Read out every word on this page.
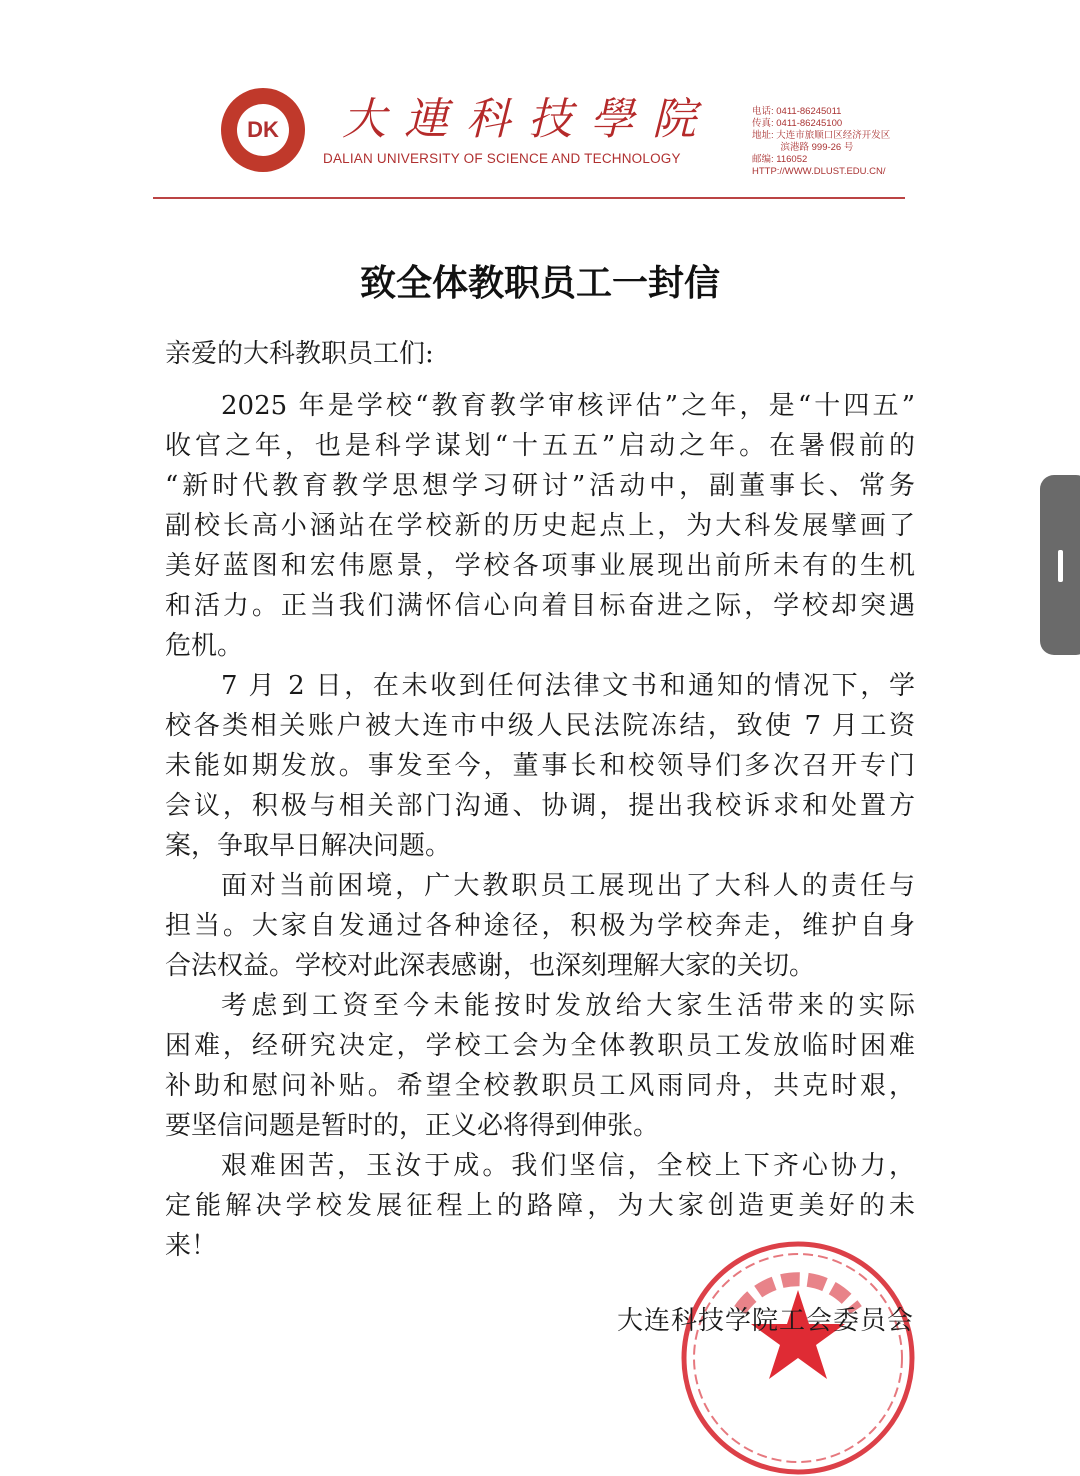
DK 大連科技學院
DALIAN UNIVERSITY OF SCIENCE AND TECHNOLOGY
电话: 0411-86245011
传真: 0411-86245100
地址: 大连市旅顺口区经济开发区
　　　滨港路 999-26 号
邮编: 116052
HTTP://WWW.DLUST.EDU.CN/
致全体教职员工一封信
亲爱的大科教职员工们:
2025 年是学校“教育教学审核评估”之年，是“十四五”
收官之年，也是科学谋划“十五五”启动之年。在暑假前的
“新时代教育教学思想学习研讨”活动中，副董事长、常务
副校长高小涵站在学校新的历史起点上，为大科发展擘画了
美好蓝图和宏伟愿景，学校各项事业展现出前所未有的生机
和活力。正当我们满怀信心向着目标奋进之际，学校却突遇
危机。
7 月 2 日，在未收到任何法律文书和通知的情况下，学
校各类相关账户被大连市中级人民法院冻结，致使 7 月工资
未能如期发放。事发至今，董事长和校领导们多次召开专门
会议，积极与相关部门沟通、协调，提出我校诉求和处置方
案，争取早日解决问题。
面对当前困境，广大教职员工展现出了大科人的责任与
担当。大家自发通过各种途径，积极为学校奔走，维护自身
合法权益。学校对此深表感谢，也深刻理解大家的关切。
考虑到工资至今未能按时发放给大家生活带来的实际
困难，经研究决定，学校工会为全体教职员工发放临时困难
补助和慰问补贴。希望全校教职员工风雨同舟，共克时艰，
要坚信问题是暂时的，正义必将得到伸张。
艰难困苦，玉汝于成。我们坚信，全校上下齐心协力，
定能解决学校发展征程上的路障，为大家创造更美好的未
来！
大连科技学院工会委员会
